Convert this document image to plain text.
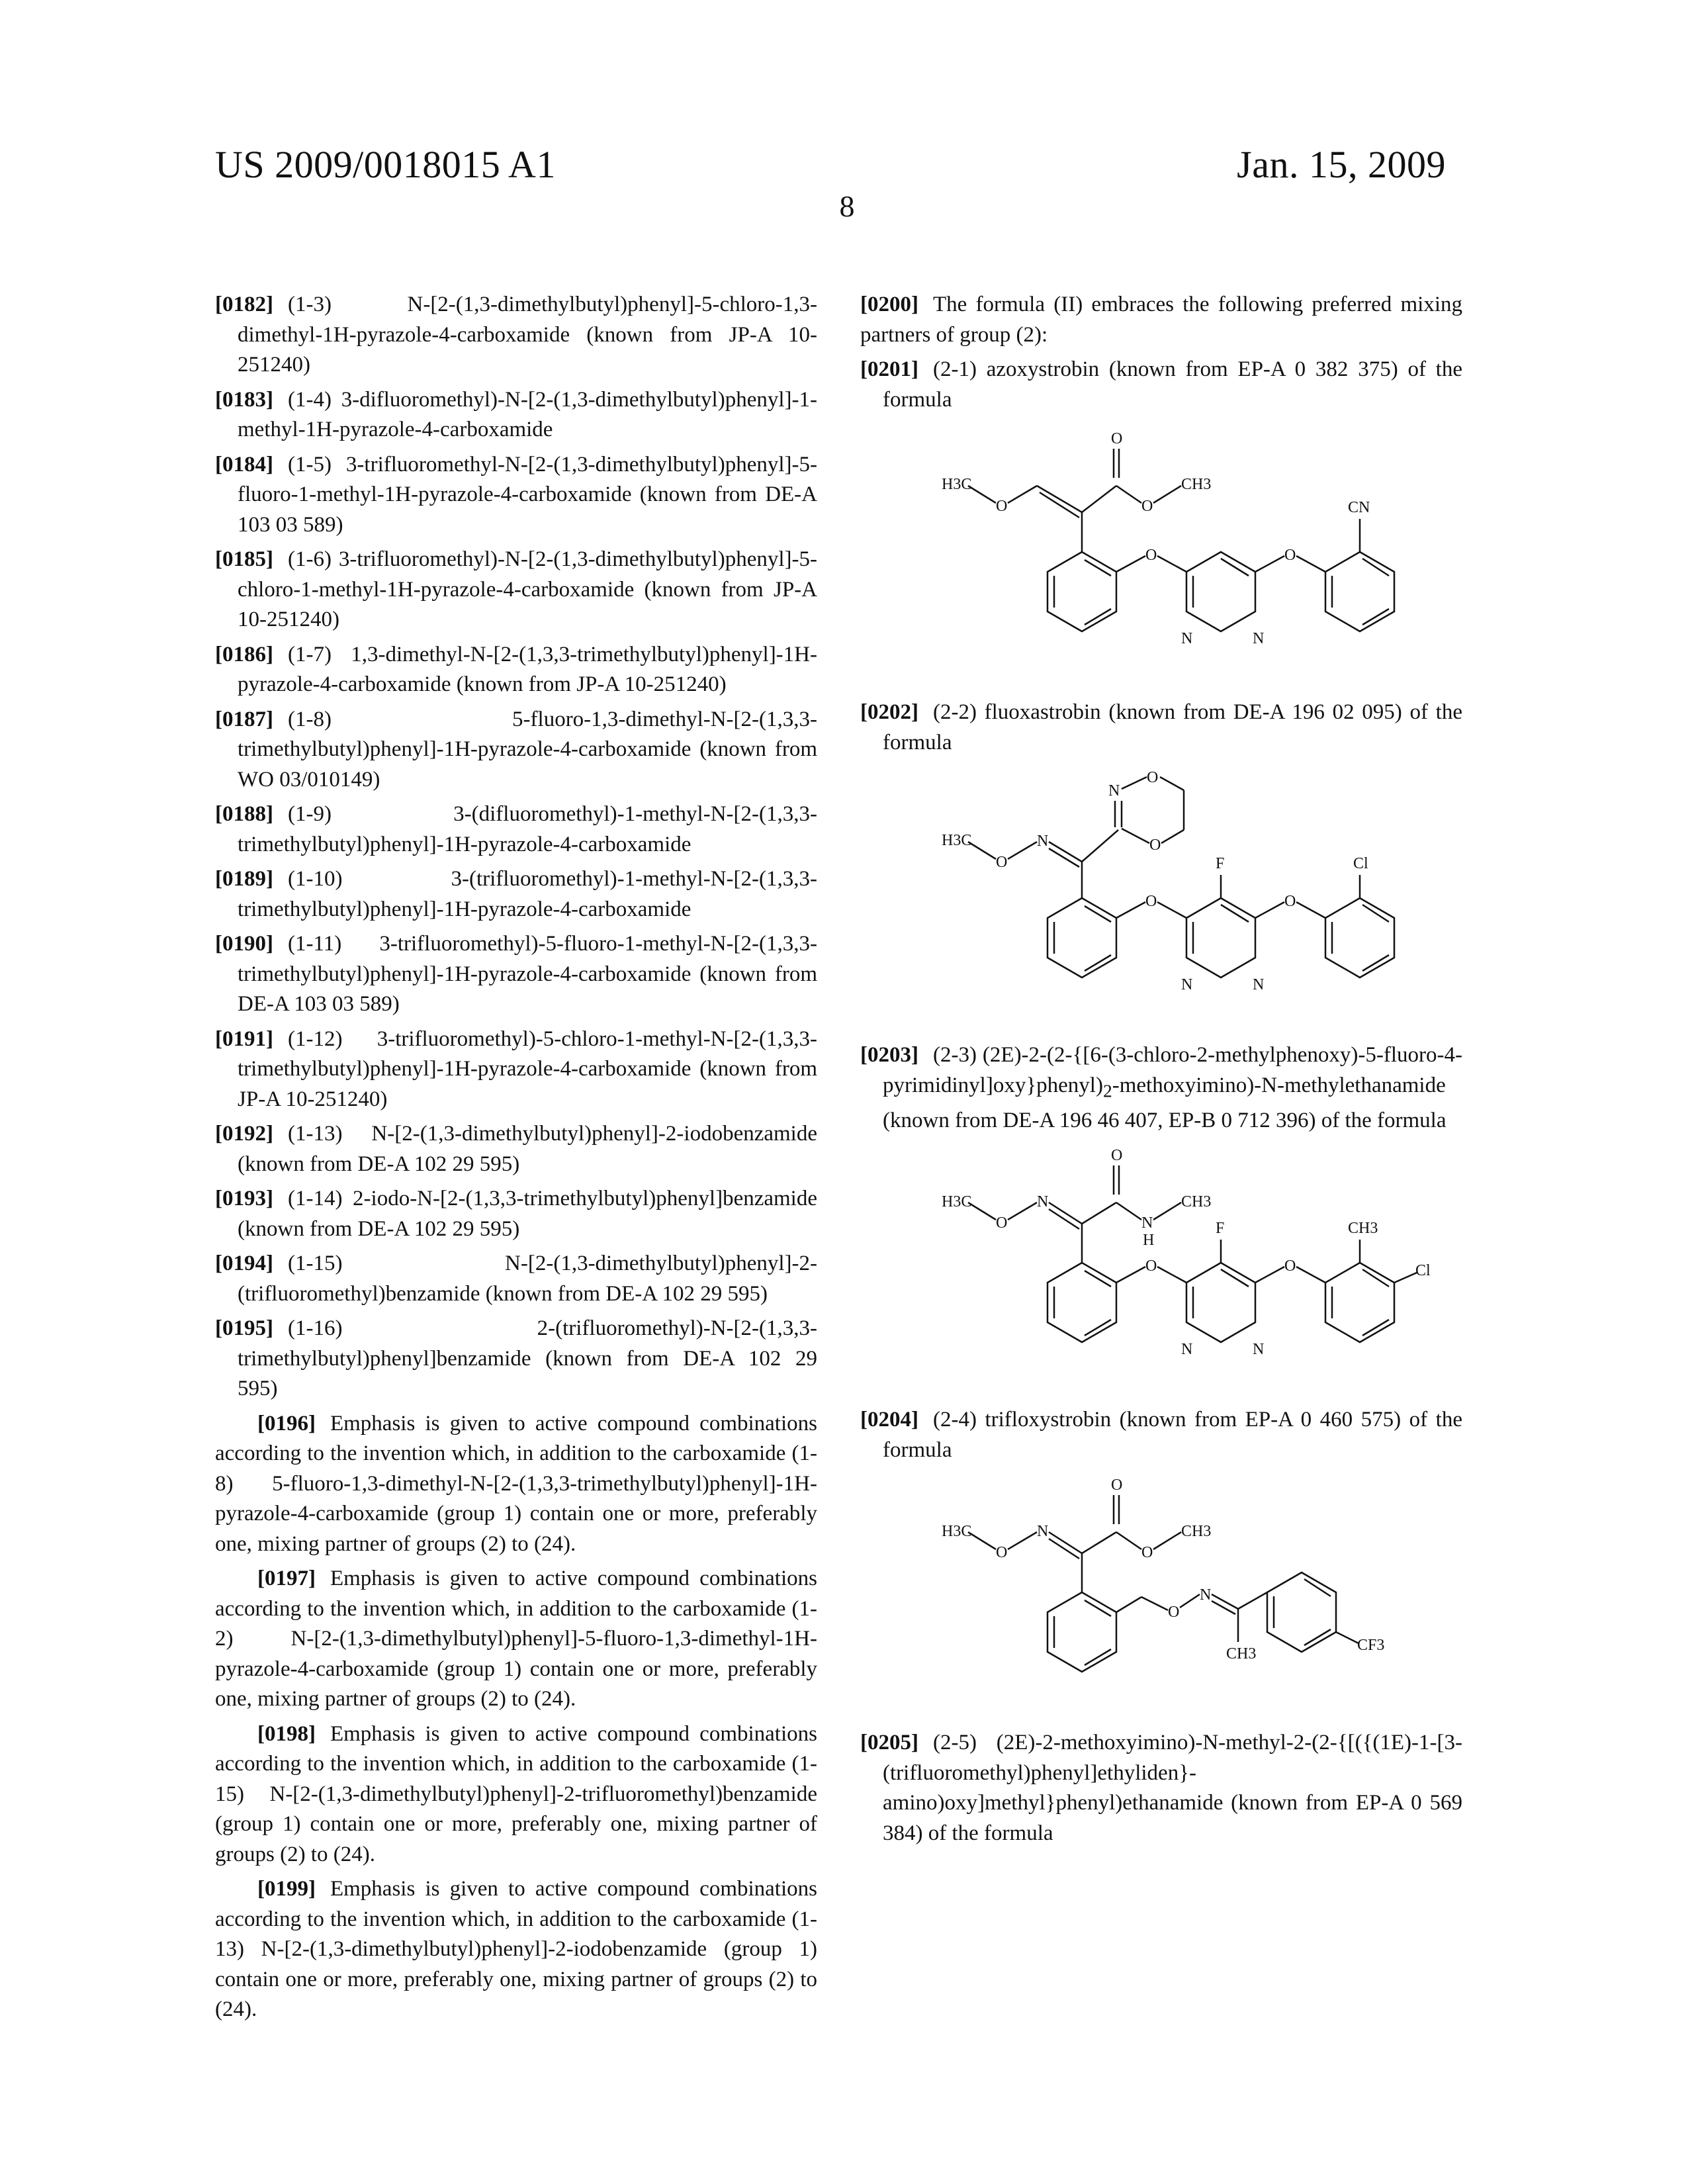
US 2009/0018015 A1	Jan. 15, 2009
8

[0182] (1-3) N-[2-(1,3-dimethylbutyl)phenyl]-5-chloro-1,3-dimethyl-1H-pyrazole-4-carboxamide (known from JP-A 10-251240)

[0183] (1-4) 3-difluoromethyl)-N-[2-(1,3-dimethylbutyl)phenyl]-1-methyl-1H-pyrazole-4-carboxamide

[0184] (1-5) 3-trifluoromethyl-N-[2-(1,3-dimethylbutyl)phenyl]-5-fluoro-1-methyl-1H-pyrazole-4-carboxamide (known from DE-A 103 03 589)

[0185] (1-6) 3-trifluoromethyl)-N-[2-(1,3-dimethylbutyl)phenyl]-5-chloro-1-methyl-1H-pyrazole-4-carboxamide (known from JP-A 10-251240)

[0186] (1-7) 1,3-dimethyl-N-[2-(1,3,3-trimethylbutyl)phenyl]-1H-pyrazole-4-carboxamide (known from JP-A 10-251240)

[0187] (1-8) 5-fluoro-1,3-dimethyl-N-[2-(1,3,3-trimethylbutyl)phenyl]-1H-pyrazole-4-carboxamide (known from WO 03/010149)

[0188] (1-9) 3-(difluoromethyl)-1-methyl-N-[2-(1,3,3-trimethylbutyl)phenyl]-1H-pyrazole-4-carboxamide

[0189] (1-10) 3-(trifluoromethyl)-1-methyl-N-[2-(1,3,3-trimethylbutyl)phenyl]-1H-pyrazole-4-carboxamide

[0190] (1-11) 3-trifluoromethyl)-5-fluoro-1-methyl-N-[2-(1,3,3-trimethylbutyl)phenyl]-1H-pyrazole-4-carboxamide (known from DE-A 103 03 589)

[0191] (1-12) 3-trifluoromethyl)-5-chloro-1-methyl-N-[2-(1,3,3-trimethylbutyl)phenyl]-1H-pyrazole-4-carboxamide (known from JP-A 10-251240)

[0192] (1-13) N-[2-(1,3-dimethylbutyl)phenyl]-2-iodobenzamide (known from DE-A 102 29 595)

[0193] (1-14) 2-iodo-N-[2-(1,3,3-trimethylbutyl)phenyl]benzamide (known from DE-A 102 29 595)

[0194] (1-15) N-[2-(1,3-dimethylbutyl)phenyl]-2-(trifluoromethyl)benzamide (known from DE-A 102 29 595)

[0195] (1-16) 2-(trifluoromethyl)-N-[2-(1,3,3-trimethylbutyl)phenyl]benzamide (known from DE-A 102 29 595)

[0196] Emphasis is given to active compound combinations according to the invention which, in addition to the carboxamide (1-8) 5-fluoro-1,3-dimethyl-N-[2-(1,3,3-trimethylbutyl)phenyl]-1H-pyrazole-4-carboxamide (group 1) contain one or more, preferably one, mixing partner of groups (2) to (24).

[0197] Emphasis is given to active compound combinations according to the invention which, in addition to the carboxamide (1-2) N-[2-(1,3-dimethylbutyl)phenyl]-5-fluoro-1,3-dimethyl-1H-pyrazole-4-carboxamide (group 1) contain one or more, preferably one, mixing partner of groups (2) to (24).

[0198] Emphasis is given to active compound combinations according to the invention which, in addition to the carboxamide (1-15) N-[2-(1,3-dimethylbutyl)phenyl]-2-trifluoromethyl)benzamide (group 1) contain one or more, preferably one, mixing partner of groups (2) to (24).

[0199] Emphasis is given to active compound combinations according to the invention which, in addition to the carboxamide (1-13) N-[2-(1,3-dimethylbutyl)phenyl]-2-iodobenzamide (group 1) contain one or more, preferably one, mixing partner of groups (2) to (24).

[0200] The formula (II) embraces the following preferred mixing partners of group (2):

[0201] (2-1) azoxystrobin (known from EP-A 0 382 375) of the formula

O
H3C
O	O
CH3
O
N	N
O
CN

[0202] (2-2) fluoxastrobin (known from DE-A 196 02 095) of the formula

N
O
O
H3C
O
N
O
F
N	N
O
Cl

[0203] (2-3) $(2E)-2-(2-\{[6-(3-chloro-2-methylphenoxy)-5-fluoro-4-pyrimidinyl]oxy\}phenyl)_2-methoxyimino)-N$-methylethanamide (known from DE-A 196 46 407, EP-B 0 712 396) of the formula

O
H3C
O
N
N
H
CH3
O
F
N	N
O
CH3
Cl

[0204] (2-4) trifloxystrobin (known from EP-A 0 460 575) of the formula

O
H3C
O
N
O
CH3
O
N
CH3	CF3

[0205] (2-5) (2E)-2-methoxyimino)-N-methyl-2-(2-{[({(1E)-1-[3-(trifluoromethyl)phenyl]ethyliden}-amino)oxy]methyl}phenyl)ethanamide (known from EP-A 0 569 384) of the formula
